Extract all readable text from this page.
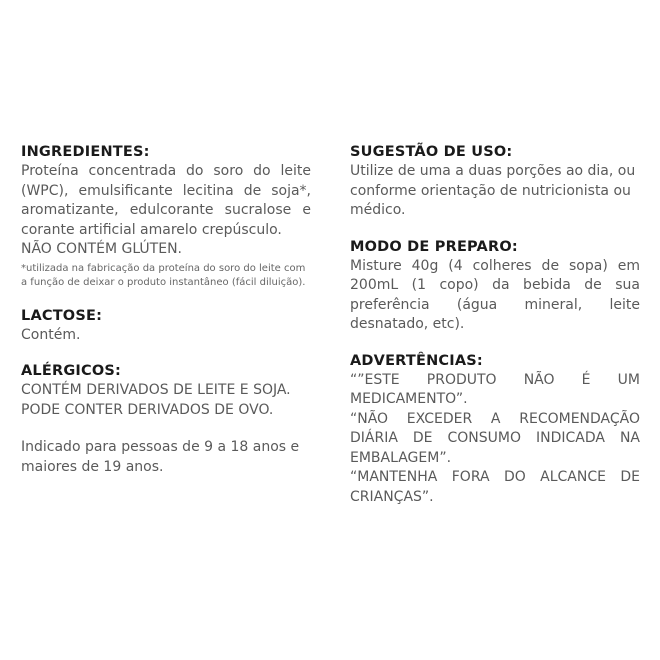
INGREDIENTES:

Proteína concentrada do soro do leite (WPC), emulsificante lecitina de soja*, aromatizante, edulcorante sucralose e corante artificial amarelo crepúsculo.

NÃO CONTÉM GLÚTEN.

*utilizada na fabricação da proteína do soro do leite com a função de deixar o produto instantâneo (fácil diluição).

LACTOSE:

Contém.

ALÉRGICOS:

CONTÉM DERIVADOS DE LEITE E SOJA.

PODE CONTER DERIVADOS DE OVO.

Indicado para pessoas de 9 a 18 anos e maiores de 19 anos.

SUGESTÃO DE USO:

Utilize de uma a duas porções ao dia, ou conforme orientação de nutricionista ou médico.

MODO DE PREPARO:

Misture 40g (4 colheres de sopa) em 200mL (1 copo) da bebida de sua preferência (água mineral, leite desnatado, etc).

ADVERTÊNCIAS:

“”ESTE PRODUTO NÃO É UM MEDICAMENTO”.

“NÃO EXCEDER A RECOMENDAÇÃO DIÁRIA DE CONSUMO INDICADA NA EMBALAGEM”.

“MANTENHA FORA DO ALCANCE DE CRIANÇAS”.
